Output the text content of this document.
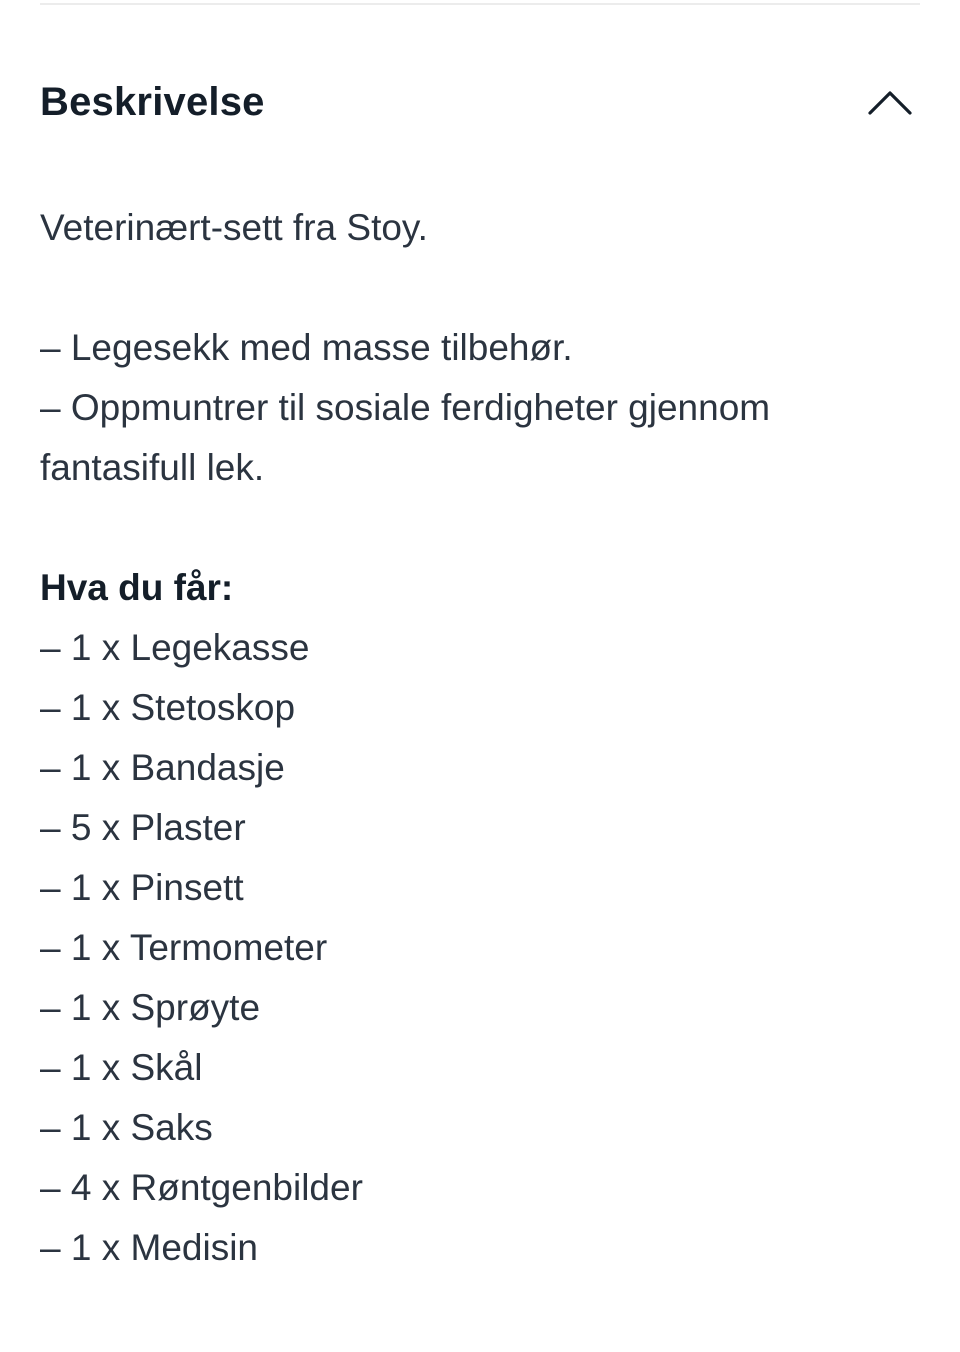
Beskrivelse

Veterinært-sett fra Stoy.

– Legesekk med masse tilbehør.

– Oppmuntrer til sosiale ferdigheter gjennom fantasifull lek.

Hva du får:

– 1 x Legekasse

– 1 x Stetoskop

– 1 x Bandasje

– 5 x Plaster

– 1 x Pinsett

– 1 x Termometer

– 1 x Sprøyte

– 1 x Skål

– 1 x Saks

– 4 x Røntgenbilder

– 1 x Medisin
